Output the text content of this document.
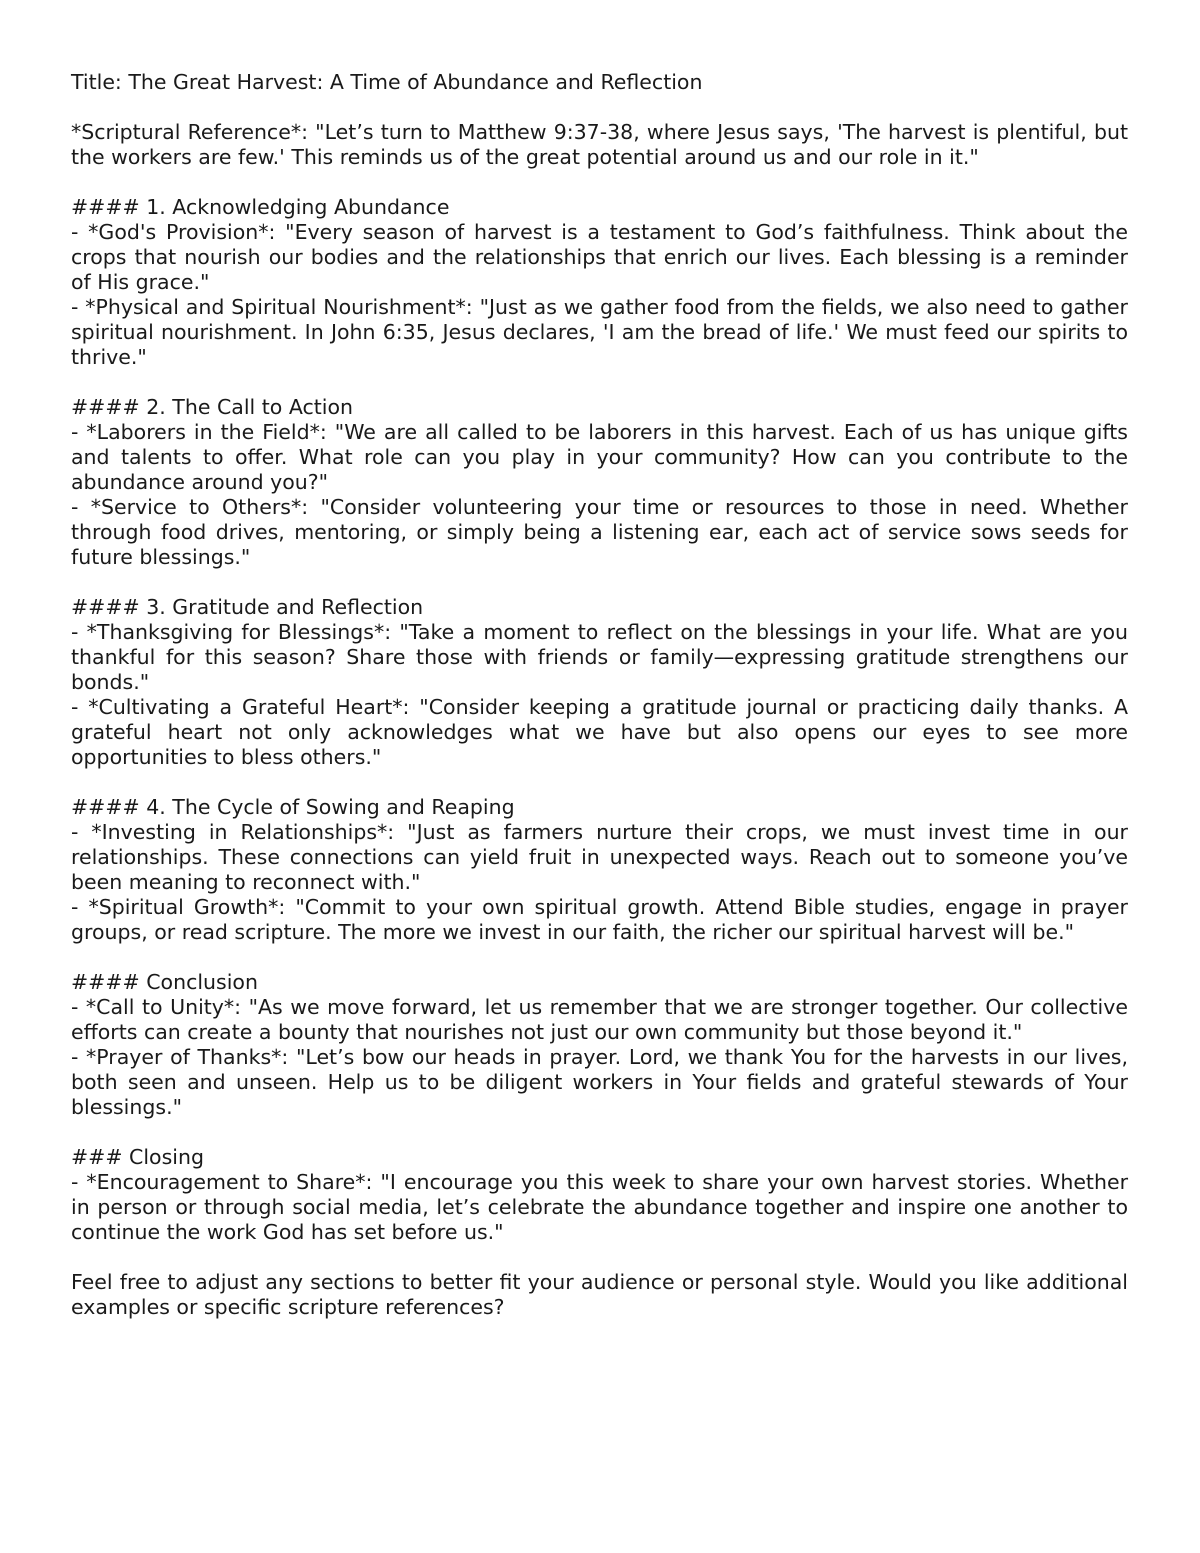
Title: The Great Harvest: A Time of Abundance and Reflection

*Scriptural Reference*: "Let’s turn to Matthew 9:37-38, where Jesus says, 'The harvest is plentiful, but the workers are few.' This reminds us of the great potential around us and our role in it."

#### 1. Acknowledging Abundance

- *God's Provision*: "Every season of harvest is a testament to God’s faithfulness. Think about the crops that nourish our bodies and the relationships that enrich our lives. Each blessing is a reminder of His grace."

- *Physical and Spiritual Nourishment*: "Just as we gather food from the fields, we also need to gather spiritual nourishment. In John 6:35, Jesus declares, 'I am the bread of life.' We must feed our spirits to thrive."

#### 2. The Call to Action

- *Laborers in the Field*: "We are all called to be laborers in this harvest. Each of us has unique gifts and talents to offer. What role can you play in your community? How can you contribute to the abundance around you?"

- *Service to Others*: "Consider volunteering your time or resources to those in need. Whether through food drives, mentoring, or simply being a listening ear, each act of service sows seeds for future blessings."

#### 3. Gratitude and Reflection

- *Thanksgiving for Blessings*: "Take a moment to reflect on the blessings in your life. What are you thankful for this season? Share those with friends or family—expressing gratitude strengthens our bonds."

- *Cultivating a Grateful Heart*: "Consider keeping a gratitude journal or practicing daily thanks. A grateful heart not only acknowledges what we have but also opens our eyes to see more opportunities to bless others."

#### 4. The Cycle of Sowing and Reaping

- *Investing in Relationships*: "Just as farmers nurture their crops, we must invest time in our relationships. These connections can yield fruit in unexpected ways. Reach out to someone you’ve been meaning to reconnect with."

- *Spiritual Growth*: "Commit to your own spiritual growth. Attend Bible studies, engage in prayer groups, or read scripture. The more we invest in our faith, the richer our spiritual harvest will be."

#### Conclusion

- *Call to Unity*: "As we move forward, let us remember that we are stronger together. Our collective efforts can create a bounty that nourishes not just our own community but those beyond it."

- *Prayer of Thanks*: "Let’s bow our heads in prayer. Lord, we thank You for the harvests in our lives, both seen and unseen. Help us to be diligent workers in Your fields and grateful stewards of Your blessings."

### Closing

- *Encouragement to Share*: "I encourage you this week to share your own harvest stories. Whether in person or through social media, let’s celebrate the abundance together and inspire one another to continue the work God has set before us."

Feel free to adjust any sections to better fit your audience or personal style. Would you like additional examples or specific scripture references?
